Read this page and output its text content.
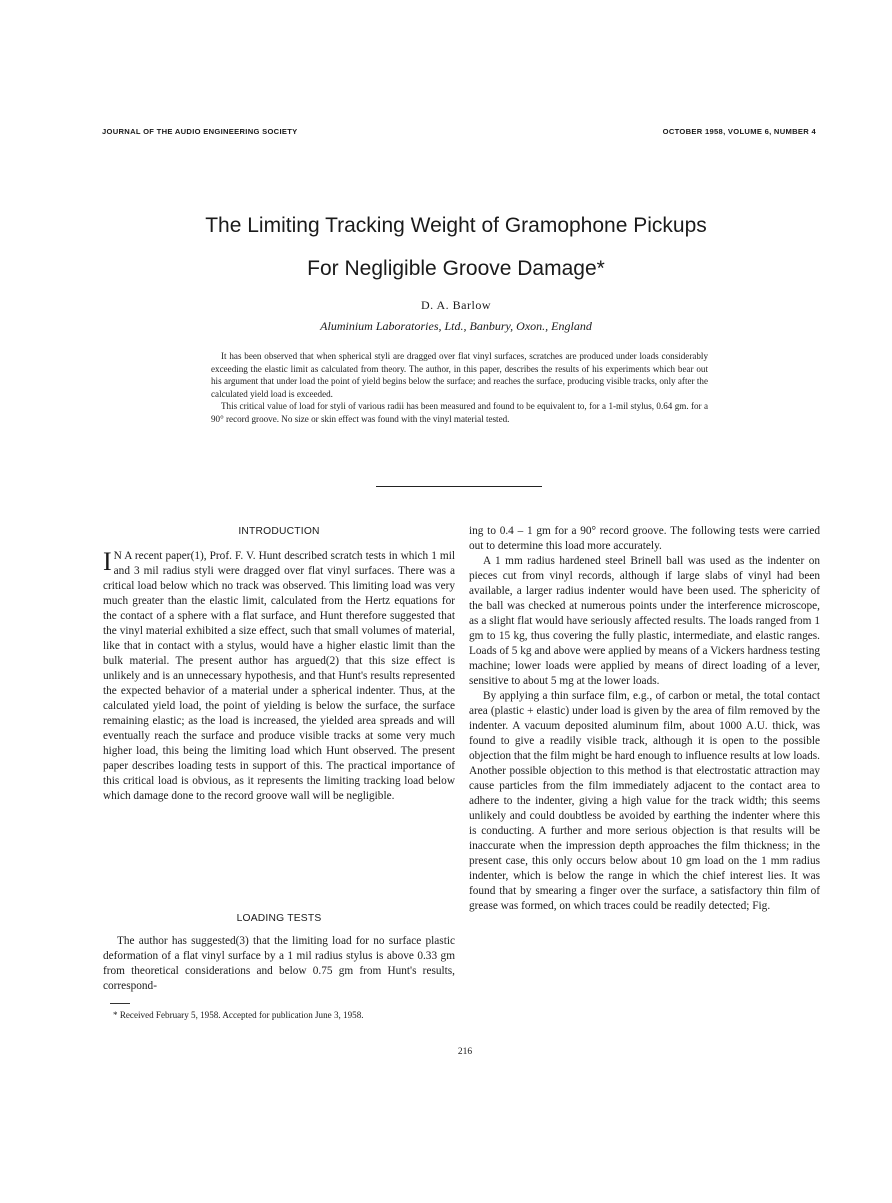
JOURNAL OF THE AUDIO ENGINEERING SOCIETY	OCTOBER 1958, VOLUME 6, NUMBER 4
The Limiting Tracking Weight of Gramophone Pickups
For Negligible Groove Damage*
D. A. Barlow
Aluminium Laboratories, Ltd., Banbury, Oxon., England

It has been observed that when spherical styli are dragged over flat vinyl surfaces, scratches are produced under loads considerably exceeding the elastic limit as calculated from theory. The author, in this paper, describes the results of his experiments which bear out his argument that under load the point of yield begins below the surface; and reaches the surface, producing visible tracks, only after the calculated yield load is exceeded.

This critical value of load for styli of various radii has been measured and found to be equivalent to, for a 1-mil stylus, 0.64 gm. for a 90° record groove. No size or skin effect was found with the vinyl material tested.

INTRODUCTION

I N A recent paper(1), Prof. F. V. Hunt described scratch tests in which 1 mil and 3 mil radius styli were dragged over flat vinyl surfaces. There was a critical load below which no track was observed. This limiting load was very much greater than the elastic limit, calculated from the Hertz equations for the contact of a sphere with a flat surface, and Hunt therefore suggested that the vinyl material exhibited a size effect, such that small volumes of material, like that in contact with a stylus, would have a higher elastic limit than the bulk material. The present author has argued(2) that this size effect is unlikely and is an unnecessary hypothesis, and that Hunt's results represented the expected behavior of a material under a spherical indenter. Thus, at the calculated yield load, the point of yielding is below the surface, the surface remaining elastic; as the load is increased, the yielded area spreads and will eventually reach the surface and produce visible tracks at some very much higher load, this being the limiting load which Hunt observed. The present paper describes loading tests in support of this. The practical importance of this critical load is obvious, as it represents the limiting tracking load below which damage done to the record groove wall will be negligible.

LOADING TESTS

The author has suggested(3) that the limiting load for no surface plastic deformation of a flat vinyl surface by a 1 mil radius stylus is above 0.33 gm from theoretical considerations and below 0.75 gm from Hunt's results, correspond-

* Received February 5, 1958. Accepted for publication June 3, 1958.

ing to 0.4 – 1 gm for a 90° record groove. The following tests were carried out to determine this load more accurately.

A 1 mm radius hardened steel Brinell ball was used as the indenter on pieces cut from vinyl records, although if large slabs of vinyl had been available, a larger radius indenter would have been used. The sphericity of the ball was checked at numerous points under the interference microscope, as a slight flat would have seriously affected results. The loads ranged from 1 gm to 15 kg, thus covering the fully plastic, intermediate, and elastic ranges. Loads of 5 kg and above were applied by means of a Vickers hardness testing machine; lower loads were applied by means of direct loading of a lever, sensitive to about 5 mg at the lower loads.

By applying a thin surface film, e.g., of carbon or metal, the total contact area (plastic + elastic) under load is given by the area of film removed by the indenter. A vacuum deposited aluminum film, about 1000 A.U. thick, was found to give a readily visible track, although it is open to the possible objection that the film might be hard enough to influence results at low loads. Another possible objection to this method is that electrostatic attraction may cause particles from the film immediately adjacent to the contact area to adhere to the indenter, giving a high value for the track width; this seems unlikely and could doubtless be avoided by earthing the indenter where this is conducting. A further and more serious objection is that results will be inaccurate when the impression depth approaches the film thickness; in the present case, this only occurs below about 10 gm load on the 1 mm radius indenter, which is below the range in which the chief interest lies. It was found that by smearing a finger over the surface, a satisfactory thin film of grease was formed, on which traces could be readily detected; Fig.

216
